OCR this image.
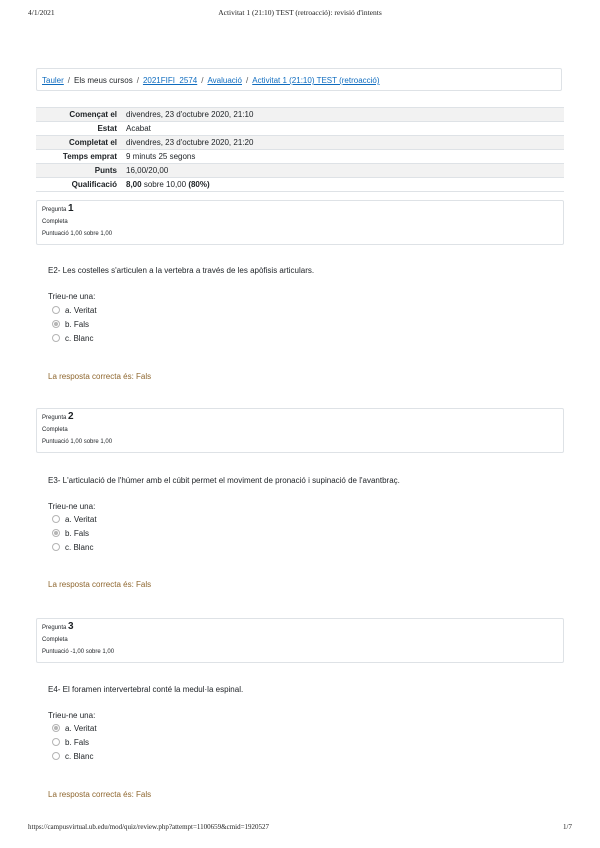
4/1/2021	Activitat 1 (21:10) TEST (retroacció): revisió d'intents
Tauler / Els meus cursos / 2021FIFI_2574 / Avaluació / Activitat 1 (21:10) TEST (retroacció)
Començat el	divendres, 23 d'octubre 2020, 21:10
Estat	Acabat
Completat el	divendres, 23 d'octubre 2020, 21:20
Temps emprat	9 minuts 25 segons
Punts	16,00/20,00
Qualificació	8,00 sobre 10,00 (80%)
Pregunta 1
Completa
Puntuació 1,00 sobre 1,00
E2- Les costelles s'articulen a la vertebra a través de les apòfisis articulars.
Trieu-ne una:
a. Veritat
b. Fals
c. Blanc
La resposta correcta és: Fals
Pregunta 2
Completa
Puntuació 1,00 sobre 1,00
E3- L'articulació de l'húmer amb el cúbit permet el moviment de pronació i supinació de l'avantbraç.
Trieu-ne una:
a. Veritat
b. Fals
c. Blanc
La resposta correcta és: Fals
Pregunta 3
Completa
Puntuació -1,00 sobre 1,00
E4- El foramen intervertebral conté la medul·la espinal.
Trieu-ne una:
a. Veritat
b. Fals
c. Blanc
La resposta correcta és: Fals
https://campusvirtual.ub.edu/mod/quiz/review.php?attempt=1100659&cmid=1920527	1/7
